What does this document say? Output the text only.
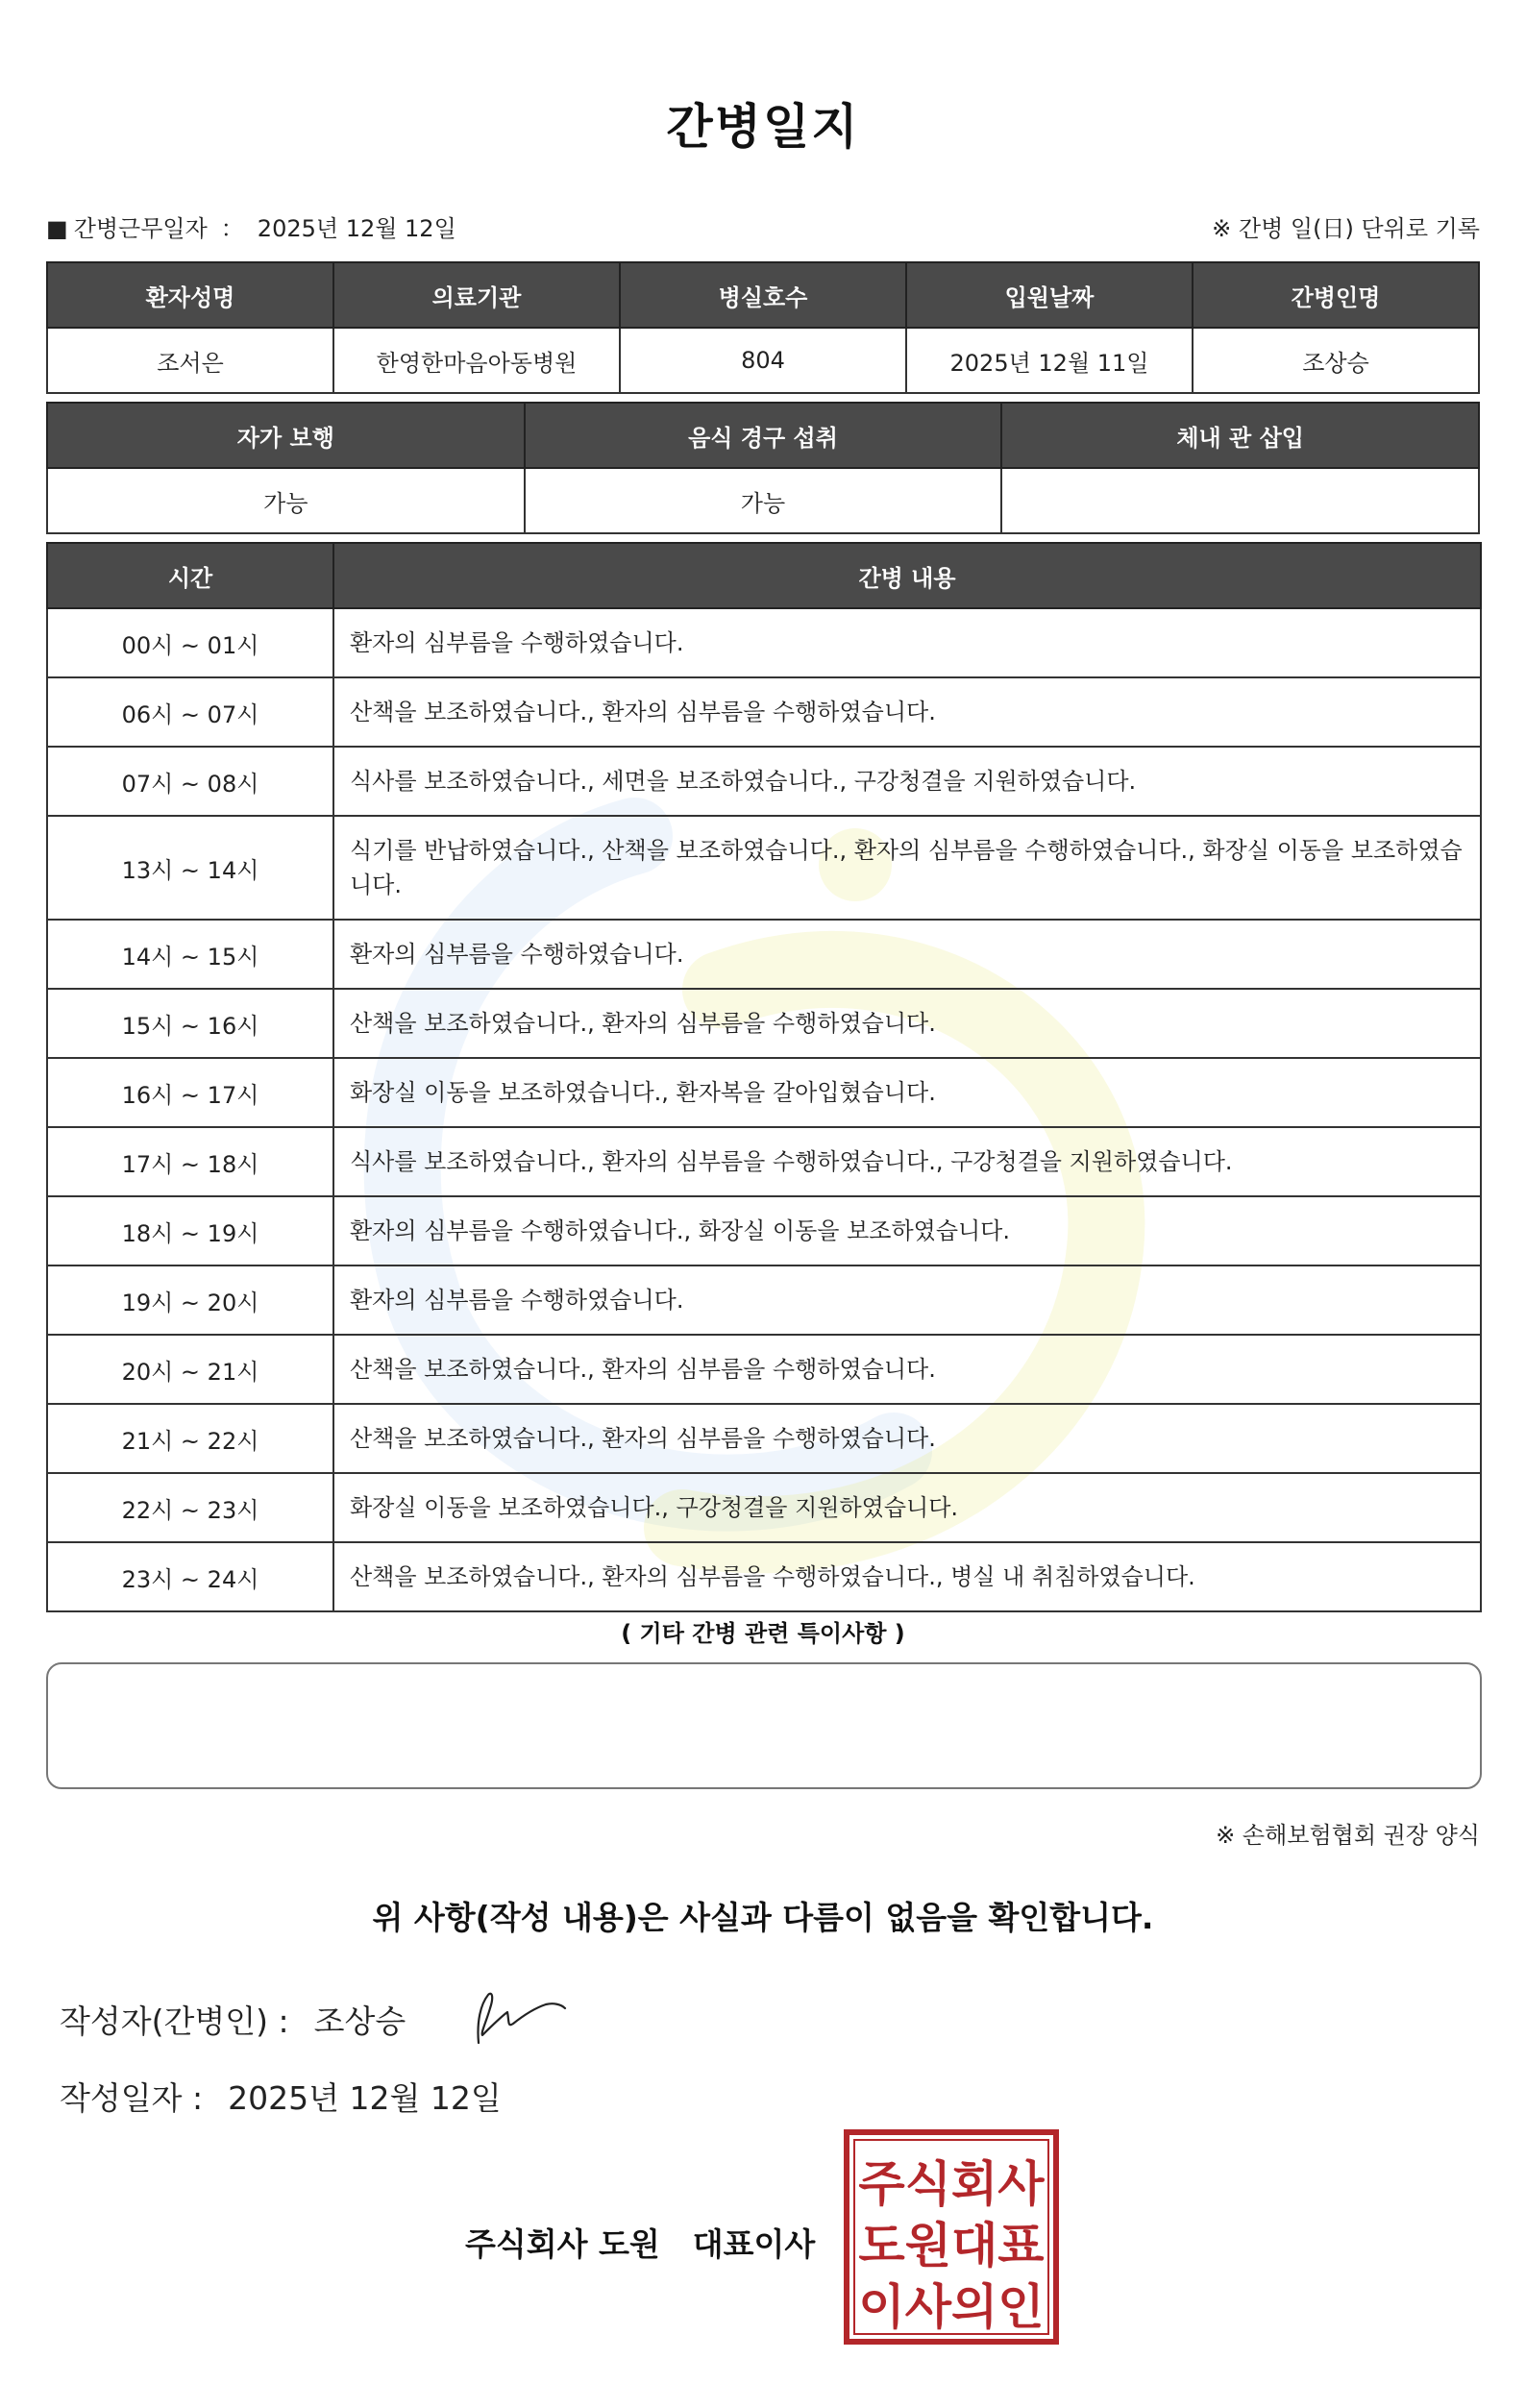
간병일지
■ 간병근무일자 ： 2025년 12월 12일	※ 간병 일(日) 단위로 기록
환자성명	의료기관	병실호수	입원날짜	간병인명
조서은	한영한마음아동병원	804	2025년 12월 11일	조상승
자가 보행	음식 경구 섭취	체내 관 삽입
가능	가능	
시간	간병 내용
00시 ~ 01시	환자의 심부름을 수행하였습니다.
06시 ~ 07시	산책을 보조하였습니다., 환자의 심부름을 수행하였습니다.
07시 ~ 08시	식사를 보조하였습니다., 세면을 보조하였습니다., 구강청결을 지원하였습니다.
13시 ~ 14시	식기를 반납하였습니다., 산책을 보조하였습니다., 환자의 심부름을 수행하였습니다., 화장실 이동을 보조하였습니다.
14시 ~ 15시	환자의 심부름을 수행하였습니다.
15시 ~ 16시	산책을 보조하였습니다., 환자의 심부름을 수행하였습니다.
16시 ~ 17시	화장실 이동을 보조하였습니다., 환자복을 갈아입혔습니다.
17시 ~ 18시	식사를 보조하였습니다., 환자의 심부름을 수행하였습니다., 구강청결을 지원하였습니다.
18시 ~ 19시	환자의 심부름을 수행하였습니다., 화장실 이동을 보조하였습니다.
19시 ~ 20시	환자의 심부름을 수행하였습니다.
20시 ~ 21시	산책을 보조하였습니다., 환자의 심부름을 수행하였습니다.
21시 ~ 22시	산책을 보조하였습니다., 환자의 심부름을 수행하였습니다.
22시 ~ 23시	화장실 이동을 보조하였습니다., 구강청결을 지원하였습니다.
23시 ~ 24시	산책을 보조하였습니다., 환자의 심부름을 수행하였습니다., 병실 내 취침하였습니다.
( 기타 간병 관련 특이사항 )
※ 손해보험협회 권장 양식
위 사항(작성 내용)은 사실과 다름이 없음을 확인합니다.
작성자(간병인) : 조상승
작성일자 : 2025년 12월 12일
주식회사 도원 대표이사
주식회사
도원대표
이사의인
